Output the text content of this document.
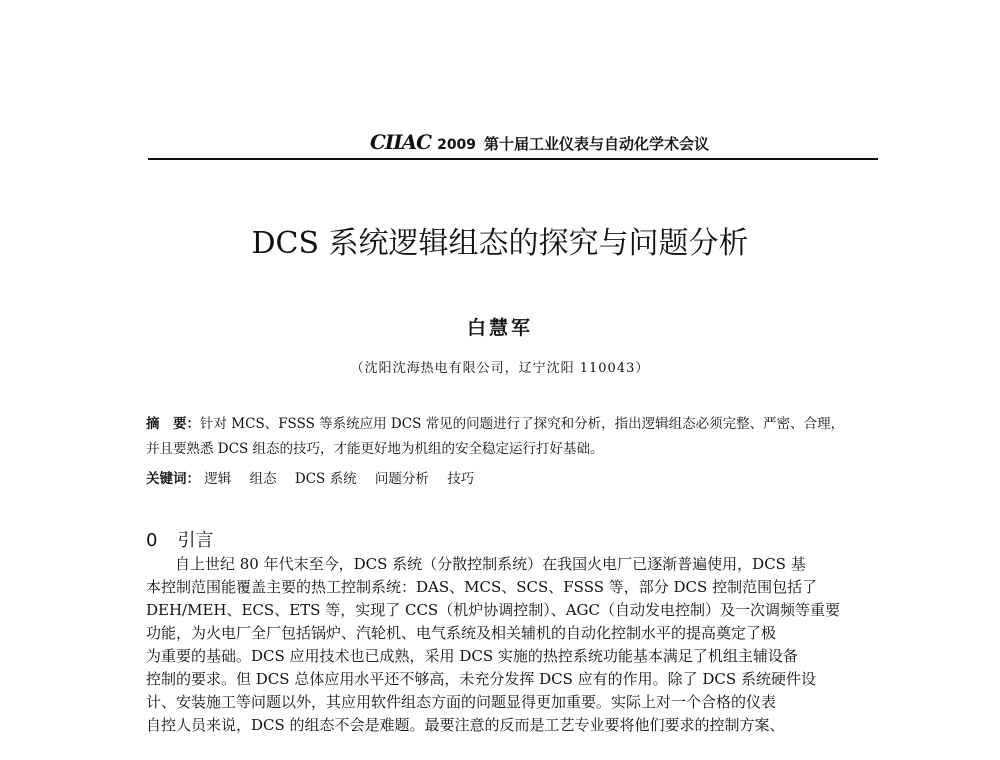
CIIAC 2009 第十届工业仪表与自动化学术会议
DCS 系统逻辑组态的探究与问题分析
白慧军
（沈阳沈海热电有限公司，辽宁沈阳 110043）
摘　要：针对 MCS、FSSS 等系统应用 DCS 常见的问题进行了探究和分析，指出逻辑组态必须完整、严密、合理，
并且要熟悉 DCS 组态的技巧，才能更好地为机组的安全稳定运行打好基础。
关键词： 逻辑 组态 DCS 系统 问题分析 技巧
0 引言
自上世纪 80 年代末至今，DCS 系统（分散控制系统）在我国火电厂已逐渐普遍使用，DCS 基
本控制范围能覆盖主要的热工控制系统：DAS、MCS、SCS、FSSS 等，部分 DCS 控制范围包括了
DEH/MEH、ECS、ETS 等，实现了 CCS（机炉协调控制）、AGC（自动发电控制）及一次调频等重要
功能，为火电厂全厂包括锅炉、汽轮机、电气系统及相关辅机的自动化控制水平的提高奠定了极
为重要的基础。DCS 应用技术也已成熟，采用 DCS 实施的热控系统功能基本满足了机组主辅设备
控制的要求。但 DCS 总体应用水平还不够高，未充分发挥 DCS 应有的作用。除了 DCS 系统硬件设
计、安装施工等问题以外，其应用软件组态方面的问题显得更加重要。实际上对一个合格的仪表
自控人员来说，DCS 的组态不会是难题。最要注意的反而是工艺专业要将他们要求的控制方案、
